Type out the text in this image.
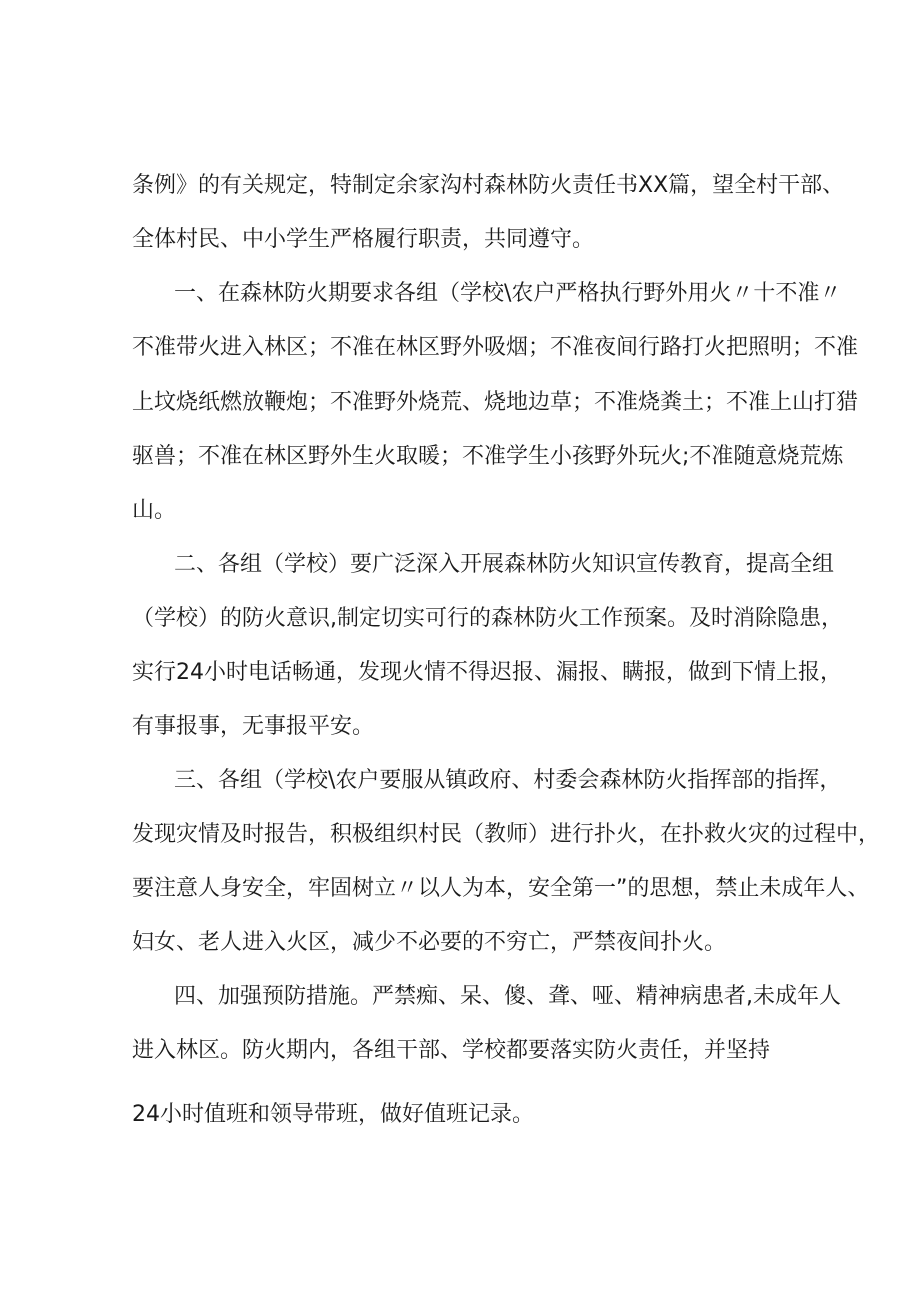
条例》的有关规定，特制定余家沟村森林防火责任书XX篇，望全村干部、
全体村民、中小学生严格履行职责，共同遵守。
一、在森林防火期要求各组（学校\农户严格执行野外用火〃十不准〃
不准带火进入林区；不准在林区野外吸烟；不准夜间行路打火把照明；不准
上坟烧纸燃放鞭炮；不准野外烧荒、烧地边草；不准烧粪土；不准上山打猎
驱兽；不准在林区野外生火取暖；不准学生小孩野外玩火;不准随意烧荒炼
山。
二、各组（学校）要广泛深入开展森林防火知识宣传教育，提高全组
（学校）的防火意识,制定切实可行的森林防火工作预案。及时消除隐患，
实行24小时电话畅通，发现火情不得迟报、漏报、瞒报，做到下情上报，
有事报事，无事报平安。
三、各组（学校\农户要服从镇政府、村委会森林防火指挥部的指挥，
发现灾情及时报告，积极组织村民（教师）进行扑火，在扑救火灾的过程中，
要注意人身安全，牢固树立〃以人为本，安全第一”的思想，禁止未成年人、
妇女、老人进入火区，减少不必要的不穷亡，严禁夜间扑火。
四、加强预防措施。严禁痴、呆、傻、聋、哑、精神病患者,未成年人
进入林区。防火期内，各组干部、学校都要落实防火责任，并坚持
24小时值班和领导带班，做好值班记录。
